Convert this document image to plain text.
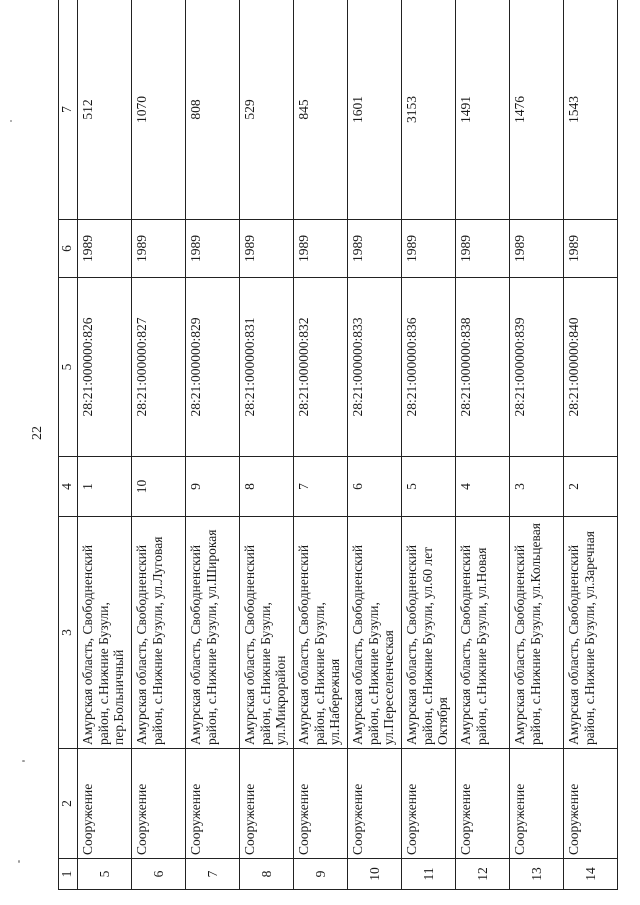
22
1	2	3	4	5	6	7
5	Сооружение	Амурская область, Свободненский район, с.Нижние Бузули, пер.Больничный	1	28:21:000000:826	1989	512
6	Сооружение	Амурская область, Свободненский район, с.Нижние Бузули, ул.Луговая	10	28:21:000000:827	1989	1070
7	Сооружение	Амурская область, Свободненский район, с.Нижние Бузули, ул.Широкая	9	28:21:000000:829	1989	808
8	Сооружение	Амурская область, Свободненский район, с.Нижние Бузули, ул.Микрорайон	8	28:21:000000:831	1989	529
9	Сооружение	Амурская область, Свободненский район, с.Нижние Бузули, ул.Набережная	7	28:21:000000:832	1989	845
10	Сооружение	Амурская область, Свободненский район, с.Нижние Бузули, ул.Переселенческая	6	28:21:000000:833	1989	1601
11	Сооружение	Амурская область, Свободненский район, с.Нижние Бузули, ул.60 лет Октября	5	28:21:000000:836	1989	3153
12	Сооружение	Амурская область, Свободненский район, с.Нижние Бузули, ул.Новая	4	28:21:000000:838	1989	1491
13	Сооружение	Амурская область, Свободненский район, с.Нижние Бузули, ул.Кольцевая	3	28:21:000000:839	1989	1476
14	Сооружение	Амурская область, Свободненский район, с.Нижние Бузули, ул.Заречная	2	28:21:000000:840	1989	1543
